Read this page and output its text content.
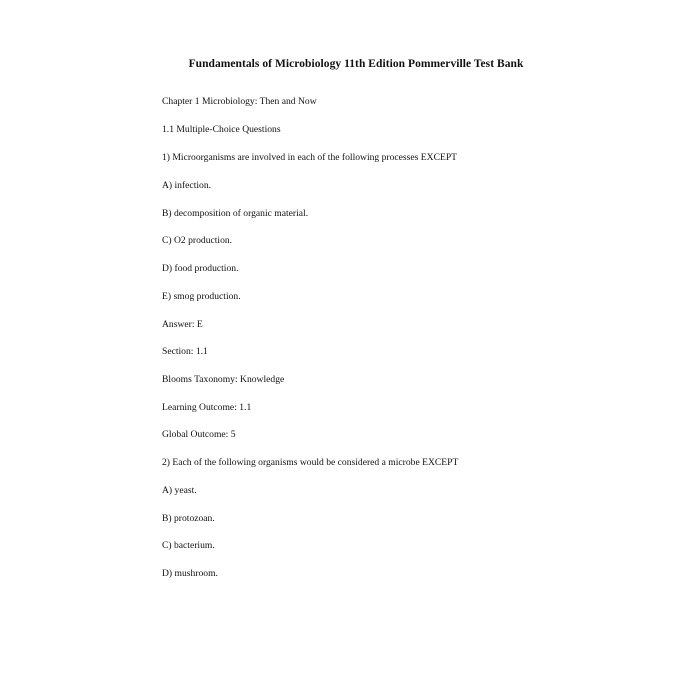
Fundamentals of Microbiology 11th Edition Pommerville Test Bank
Chapter 1 Microbiology: Then and Now
1.1 Multiple-Choice Questions
1) Microorganisms are involved in each of the following processes EXCEPT
A) infection.
B) decomposition of organic material.
C) O2 production.
D) food production.
E) smog production.
Answer: E
Section: 1.1
Blooms Taxonomy: Knowledge
Learning Outcome: 1.1
Global Outcome: 5
2) Each of the following organisms would be considered a microbe EXCEPT
A) yeast.
B) protozoan.
C) bacterium.
D) mushroom.
